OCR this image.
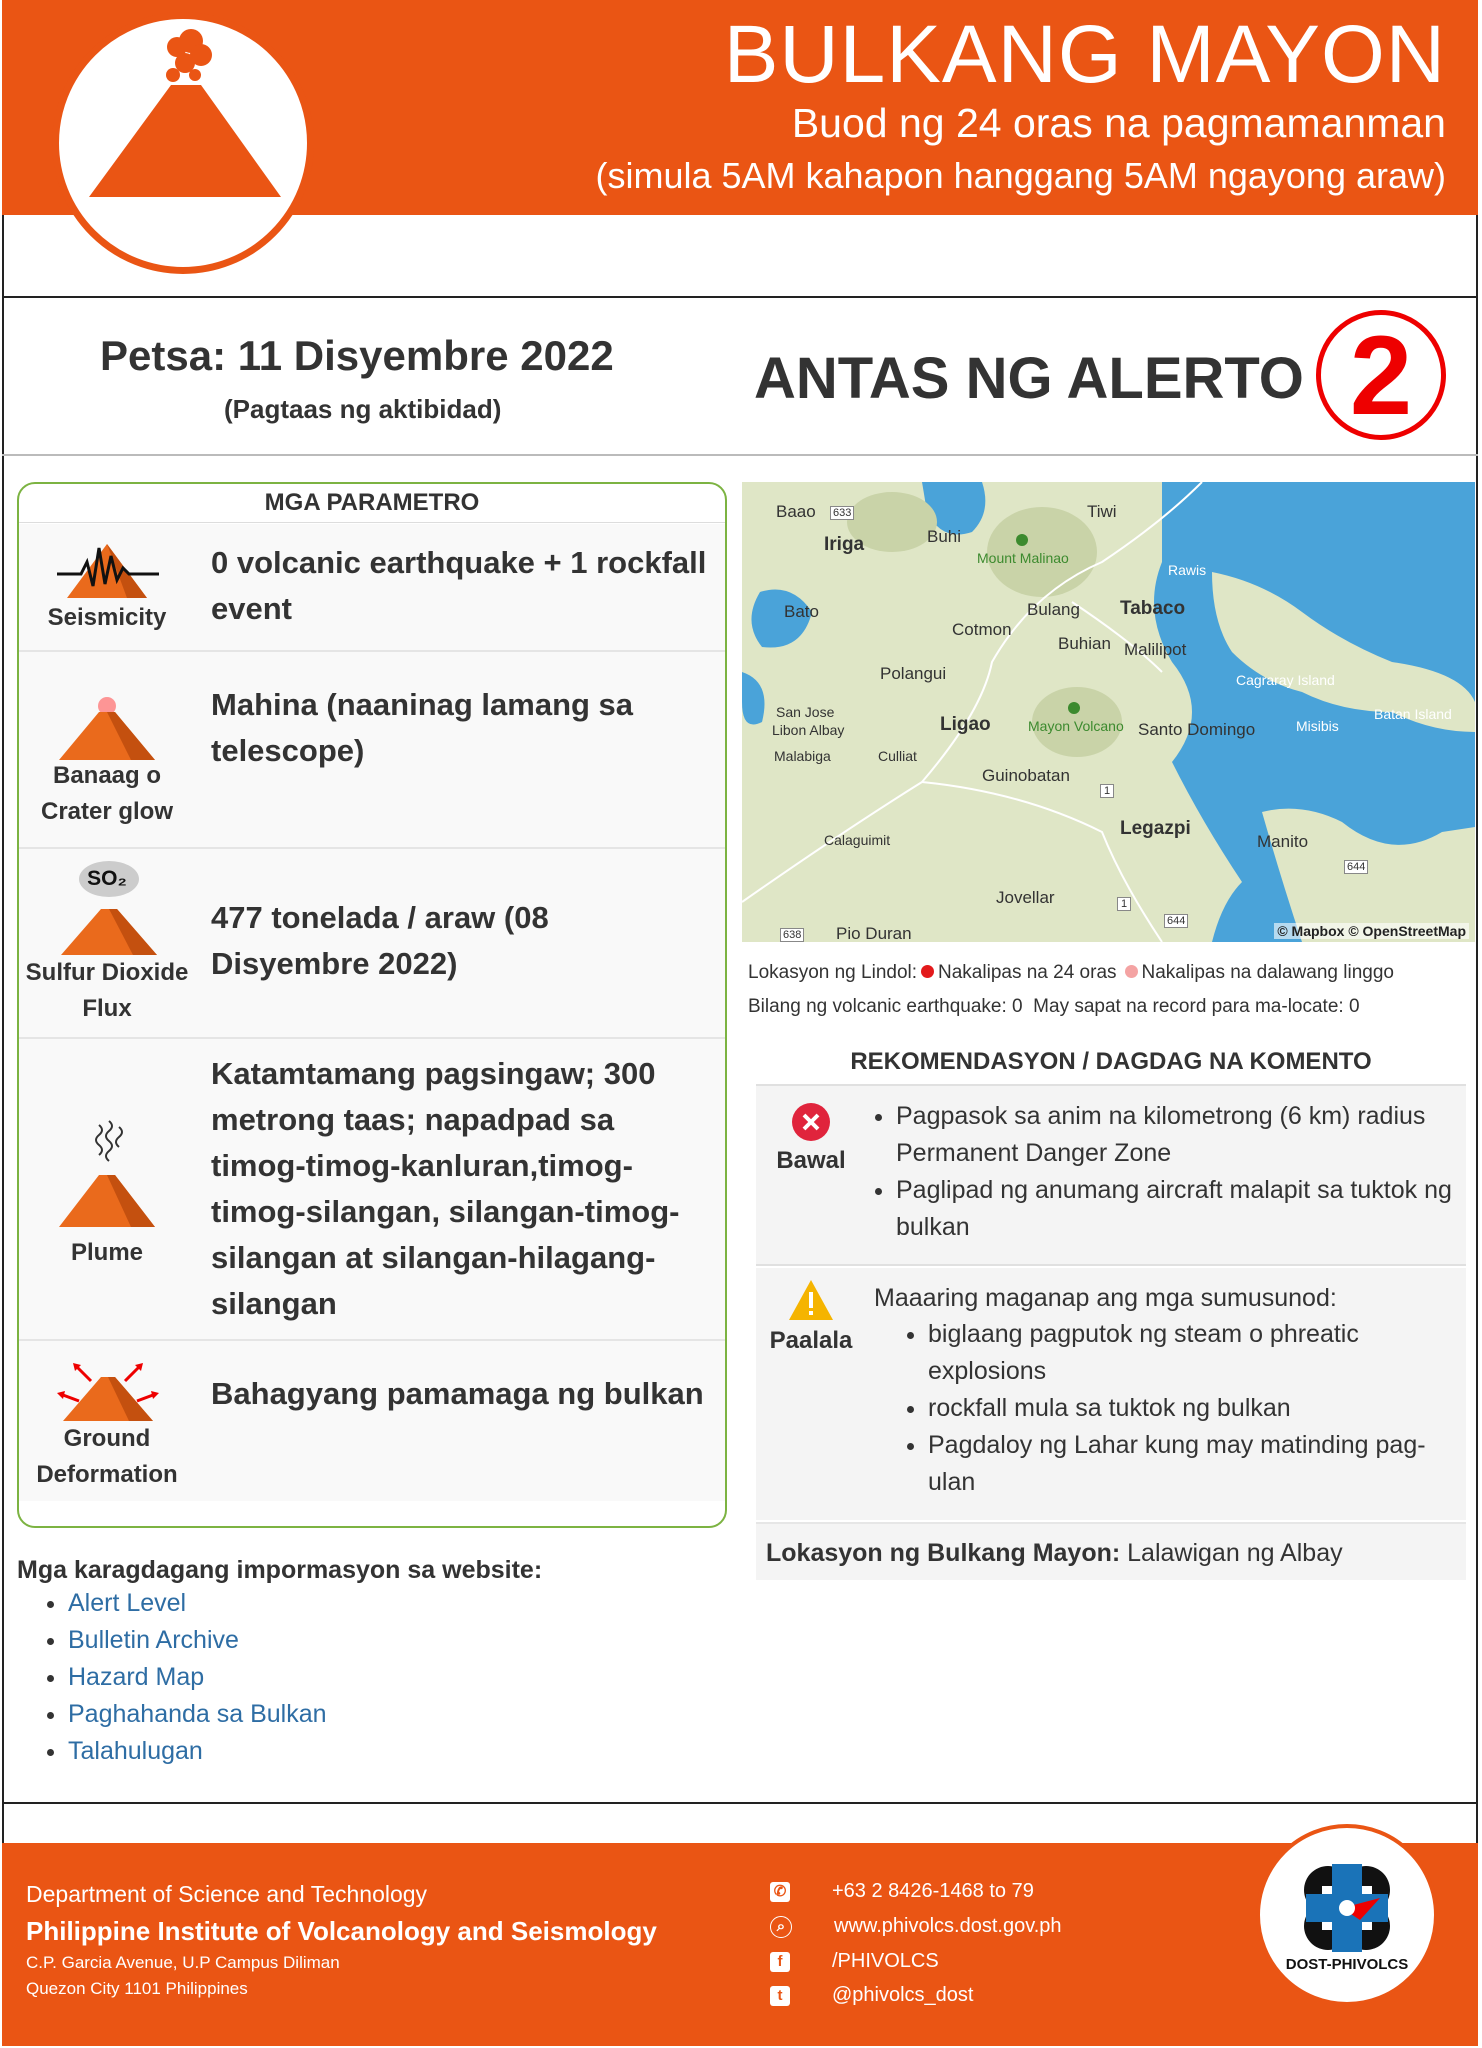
BULKANG MAYON
Buod ng 24 oras na pagmamanman
(simula 5AM kahapon hanggang 5AM ngayong araw)
Petsa: 11 Disyembre 2022
(Pagtaas ng aktibidad)	ANTAS NG ALERTO 2
MGA PARAMETRO
Seismicity
0 volcanic earthquake + 1 rockfall event
Banaag o Crater glow
Mahina (naaninag lamang sa telescope)
SO₂
Sulfur Dioxide Flux
477 tonelada / araw (08 Disyembre 2022)
Plume
Katamtamang pagsingaw; 300 metrong taas; napadpad sa timog-timog-kanluran,timog-timog-silangan, silangan-timog-silangan at silangan-hilagang-silangan
Ground Deformation
Bahagyang pamamaga ng bulkan
Baao
Iriga	Buhi
Tiwi
Mount Malinao
Rawis
Bato	Bulang Tabaco
Cotmon
Buhian Malilipot
Polangui	Cagraray Island
San Jose
Libon Albay	Ligao	Mayon Volcano Santo Domingo	Misibis
Batan Island
Malabiga	Culliat
Guinobatan
Legazpi
Calaguimit	Manito
Jovellar
Pio Duran
633
1
1
644
644
638	© Mapbox © OpenStreetMap
Lokasyon ng Lindol: Nakalipas na 24 oras Nakalipas na dalawang linggo
Bilang ng volcanic earthquake: 0  May sapat na record para ma-locate: 0
REKOMENDASYON / DAGDAG NA KOMENTO
Bawal
• Pagpasok sa anim na kilometrong (6 km) radius Permanent Danger Zone
• Paglipad ng anumang aircraft malapit sa tuktok ng bulkan
Paalala
Maaaring maganap ang mga sumusunod:
• biglaang pagputok ng steam o phreatic explosions
• rockfall mula sa tuktok ng bulkan
• Pagdaloy ng Lahar kung may matinding pag-ulan
Lokasyon ng Bulkang Mayon: Lalawigan ng Albay
Mga karagdagang impormasyon sa website:
• Alert Level
• Bulletin Archive
• Hazard Map
• Paghahanda sa Bulkan
• Talahulugan
Department of Science and Technology
Philippine Institute of Volcanology and Seismology
C.P. Garcia Avenue, U.P Campus Diliman
Quezon City 1101 Philippines
✆ +63 2 8426-1468 to 79
⌕ www.phivolcs.dost.gov.ph
f /PHIVOLCS
t @phivolcs_dost
DOST-PHIVOLCS
